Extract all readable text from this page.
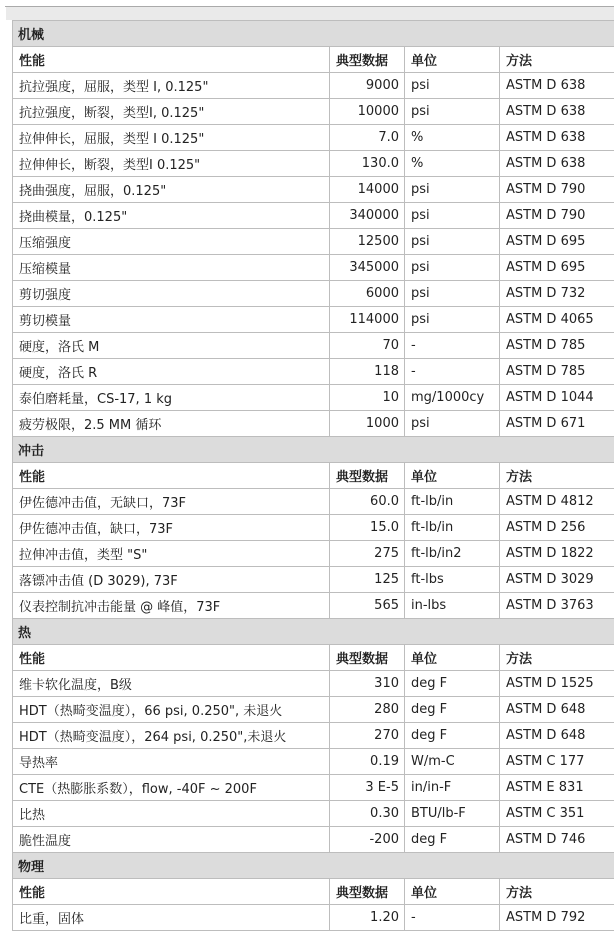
机械			
性能	典型数据	单位	方法
抗拉强度，屈服，类型 I, 0.125"	9000	psi	ASTM D 638
抗拉强度，断裂，类型I, 0.125"	10000	psi	ASTM D 638
拉伸伸长，屈服，类型 I 0.125"	7.0	%	ASTM D 638
拉伸伸长，断裂，类型I 0.125"	130.0	%	ASTM D 638
挠曲强度，屈服，0.125"	14000	psi	ASTM D 790
挠曲模量，0.125"	340000	psi	ASTM D 790
压缩强度	12500	psi	ASTM D 695
压缩模量	345000	psi	ASTM D 695
剪切强度	6000	psi	ASTM D 732
剪切模量	114000	psi	ASTM D 4065
硬度，洛氏 M	70	-	ASTM D 785
硬度，洛氏 R	118	-	ASTM D 785
泰伯磨耗量，CS-17, 1 kg	10	mg/1000cy	ASTM D 1044
疲劳极限，2.5 MM 循环	1000	psi	ASTM D 671
冲击			
性能	典型数据	单位	方法
伊佐德冲击值，无缺口，73F	60.0	ft-lb/in	ASTM D 4812
伊佐德冲击值，缺口，73F	15.0	ft-lb/in	ASTM D 256
拉伸冲击值，类型 "S"	275	ft-lb/in2	ASTM D 1822
落镖冲击值 (D 3029), 73F	125	ft-lbs	ASTM D 3029
仪表控制抗冲击能量 @ 峰值，73F	565	in-lbs	ASTM D 3763
热			
性能	典型数据	单位	方法
维卡软化温度，B级	310	deg F	ASTM D 1525
HDT（热畸变温度），66 psi, 0.250", 未退火	280	deg F	ASTM D 648
HDT（热畸变温度），264 psi, 0.250",未退火	270	deg F	ASTM D 648
导热率	0.19	W/m-C	ASTM C 177
CTE（热膨胀系数），flow, -40F ~ 200F	3 E-5	in/in-F	ASTM E 831
比热	0.30	BTU/lb-F	ASTM C 351
脆性温度	-200	deg F	ASTM D 746
物理			
性能	典型数据	单位	方法
比重，固体	1.20	-	ASTM D 792
